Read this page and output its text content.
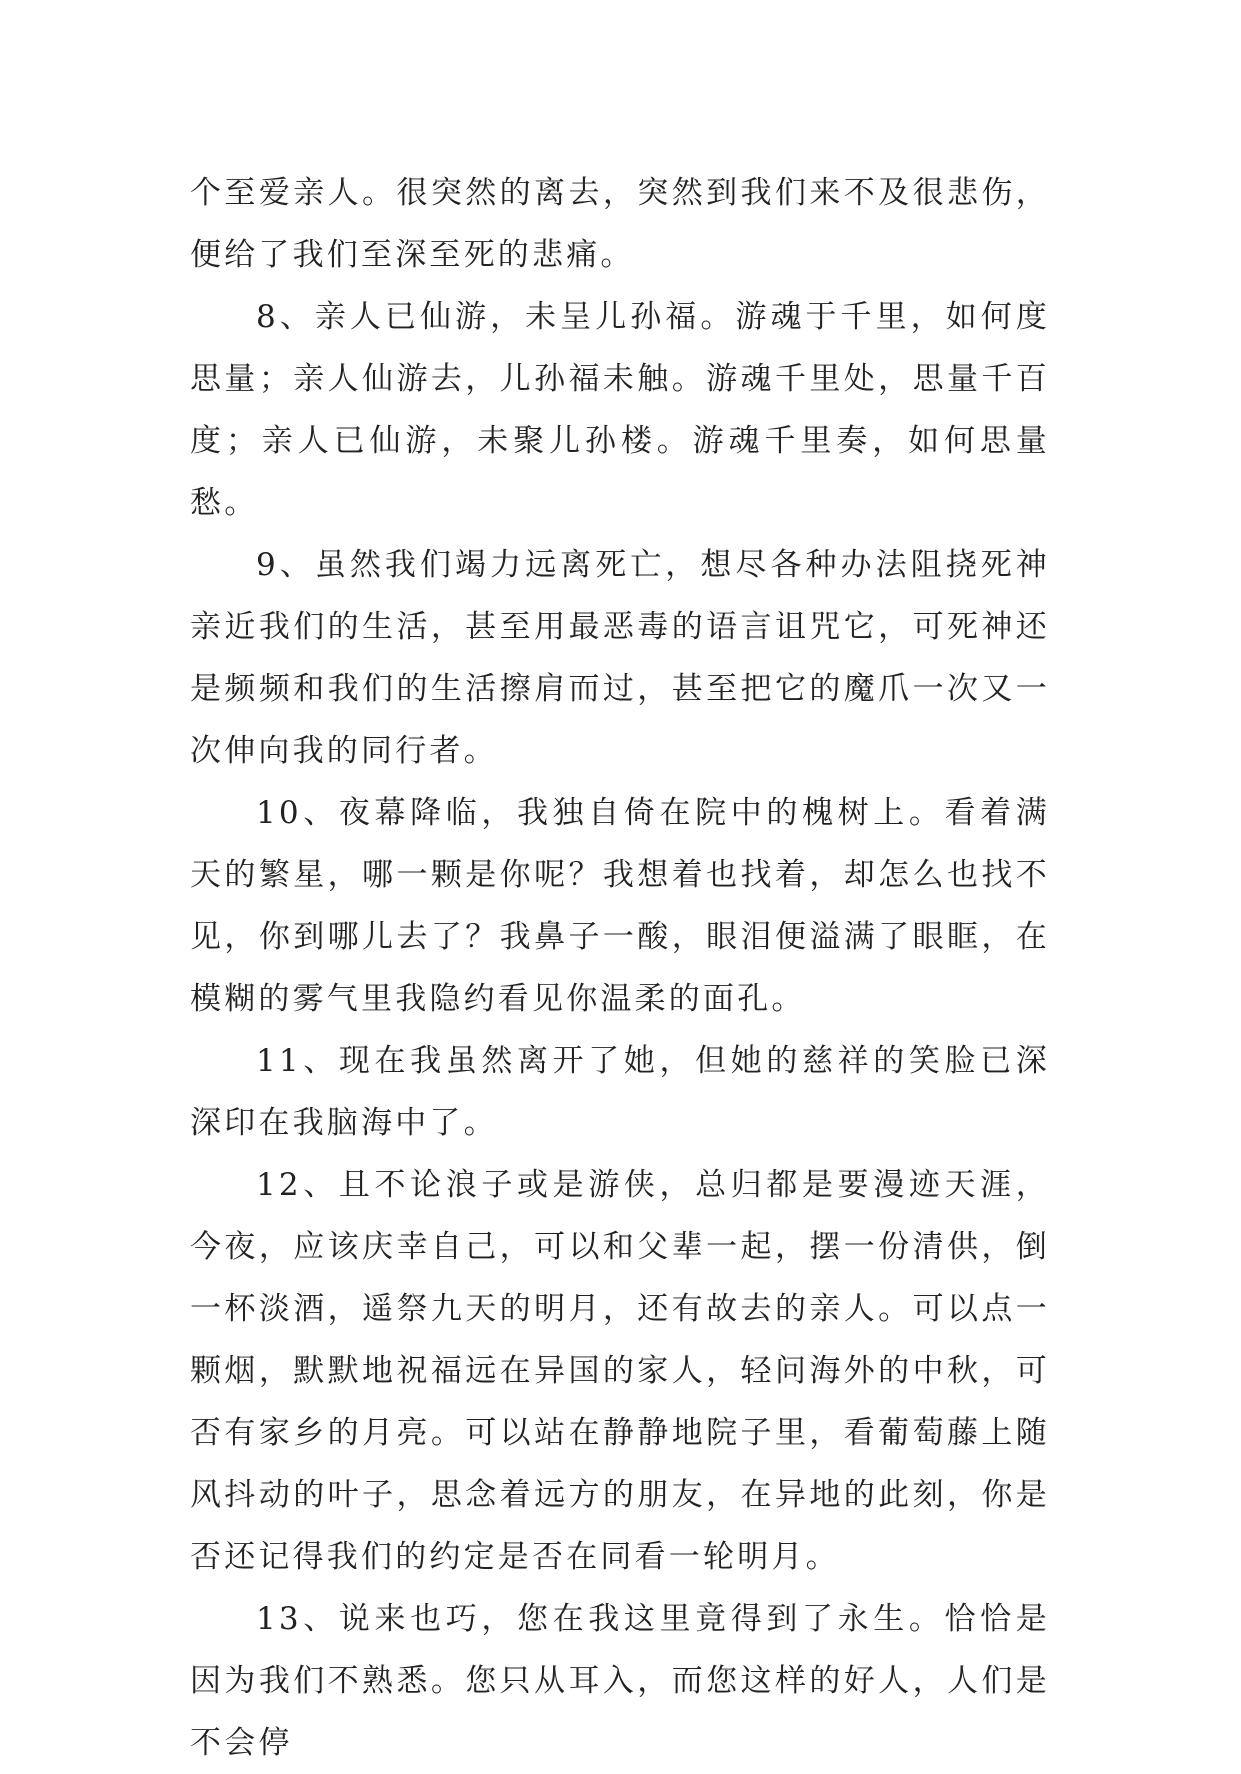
个至爱亲人。很突然的离去，突然到我们来不及很悲伤，便给了我们至深至死的悲痛。

8、亲人已仙游，未呈儿孙福。游魂于千里，如何度思量；亲人仙游去，儿孙福未触。游魂千里处，思量千百度；亲人已仙游，未聚儿孙楼。游魂千里奏，如何思量愁。

9、虽然我们竭力远离死亡，想尽各种办法阻挠死神亲近我们的生活，甚至用最恶毒的语言诅咒它，可死神还是频频和我们的生活擦肩而过，甚至把它的魔爪一次又一次伸向我的同行者。

10、夜幕降临，我独自倚在院中的槐树上。看着满天的繁星，哪一颗是你呢？我想着也找着，却怎么也找不见，你到哪儿去了？我鼻子一酸，眼泪便溢满了眼眶，在模糊的雾气里我隐约看见你温柔的面孔。

11、现在我虽然离开了她，但她的慈祥的笑脸已深深印在我脑海中了。

12、且不论浪子或是游侠，总归都是要漫迹天涯，今夜，应该庆幸自己，可以和父辈一起，摆一份清供，倒一杯淡酒，遥祭九天的明月，还有故去的亲人。可以点一颗烟，默默地祝福远在异国的家人，轻问海外的中秋，可否有家乡的月亮。可以站在静静地院子里，看葡萄藤上随风抖动的叶子，思念着远方的朋友，在异地的此刻，你是否还记得我们的约定是否在同看一轮明月。

13、说来也巧，您在我这里竟得到了永生。恰恰是因为我们不熟悉。您只从耳入，而您这样的好人，人们是不会停
